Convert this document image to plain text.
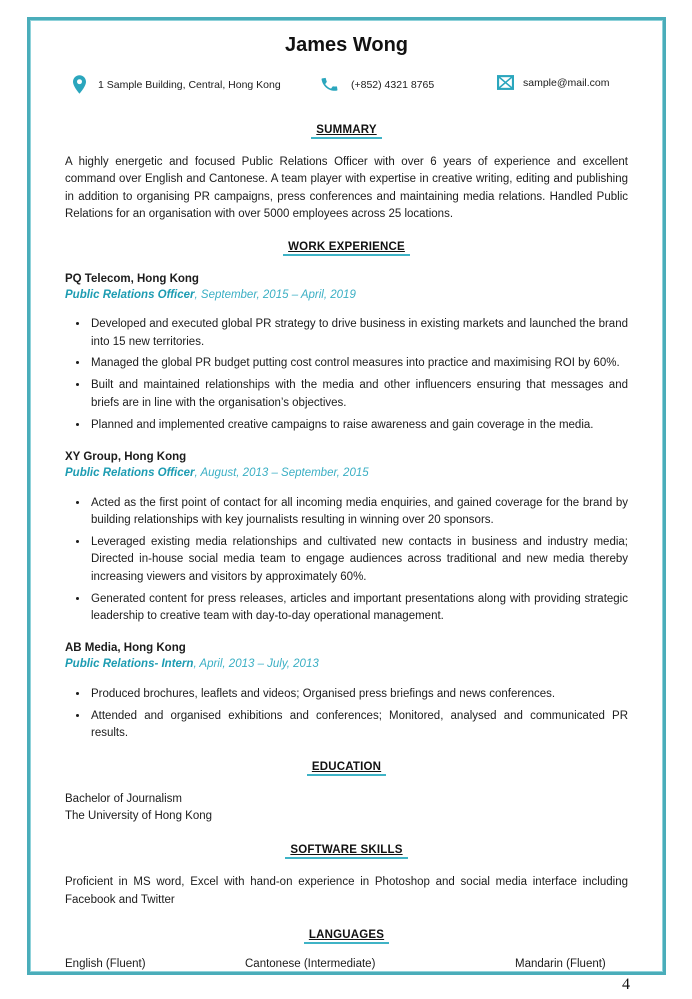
James Wong
1 Sample Building, Central, Hong Kong	(+852) 4321 8765	sample@mail.com
SUMMARY
A highly energetic and focused Public Relations Officer with over 6 years of experience and excellent command over English and Cantonese. A team player with expertise in creative writing, editing and publishing in addition to organising PR campaigns, press conferences and maintaining media relations. Handled Public Relations for an organisation with over 5000 employees across 25 locations.
WORK EXPERIENCE
PQ Telecom, Hong Kong
Public Relations Officer, September, 2015 – April, 2019
• Developed and executed global PR strategy to drive business in existing markets and launched the brand into 15 new territories.
• Managed the global PR budget putting cost control measures into practice and maximising ROI by 60%.
• Built and maintained relationships with the media and other influencers ensuring that messages and briefs are in line with the organisation’s objectives.
• Planned and implemented creative campaigns to raise awareness and gain coverage in the media.
XY Group, Hong Kong
Public Relations Officer, August, 2013 – September, 2015
• Acted as the first point of contact for all incoming media enquiries, and gained coverage for the brand by building relationships with key journalists resulting in winning over 20 sponsors.
• Leveraged existing media relationships and cultivated new contacts in business and industry media; Directed in-house social media team to engage audiences across traditional and new media thereby increasing viewers and visitors by approximately 60%.
• Generated content for press releases, articles and important presentations along with providing strategic leadership to creative team with day-to-day operational management.
AB Media, Hong Kong
Public Relations- Intern, April, 2013 – July, 2013
• Produced brochures, leaflets and videos; Organised press briefings and news conferences.
• Attended and organised exhibitions and conferences; Monitored, analysed and communicated PR results.
EDUCATION
Bachelor of Journalism
The University of Hong Kong
SOFTWARE SKILLS
Proficient in MS word, Excel with hand-on experience in Photoshop and social media interface including Facebook and Twitter
LANGUAGES
English (Fluent)	Cantonese (Intermediate)	Mandarin (Fluent)
4
